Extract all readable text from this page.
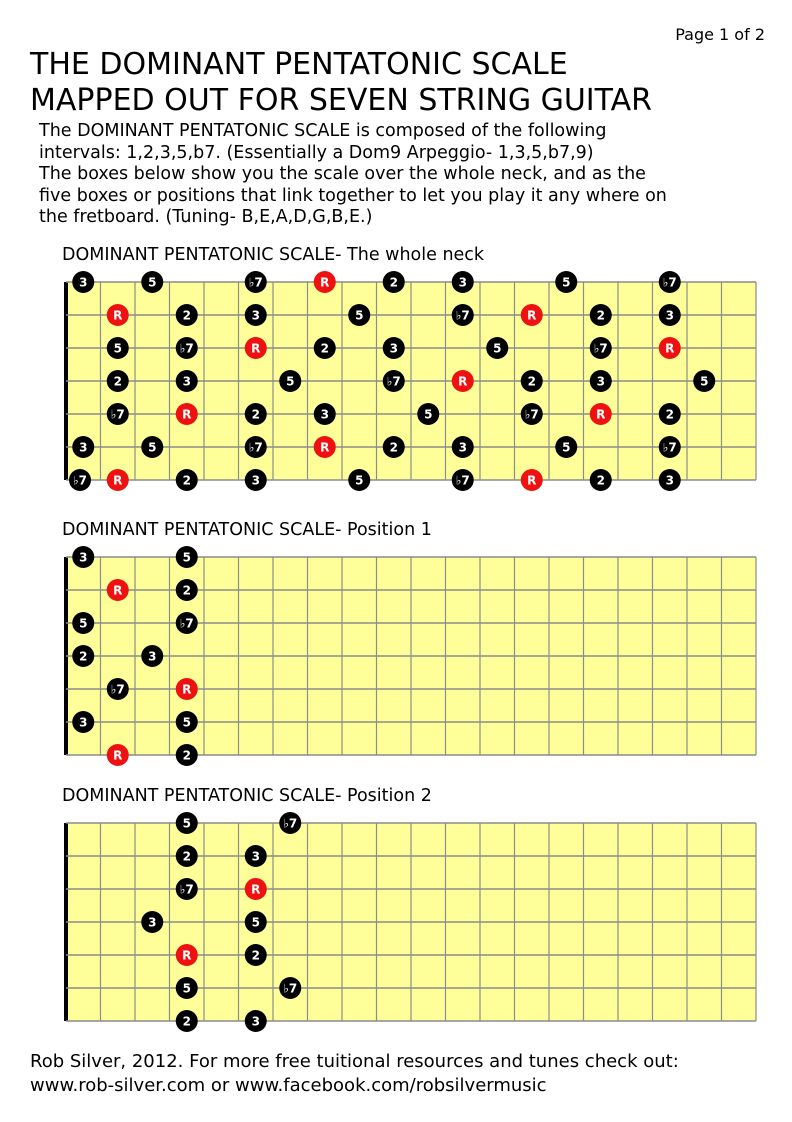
Page 1 of 2
THE DOMINANT PENTATONIC SCALE
MAPPED OUT FOR SEVEN STRING GUITAR

The DOMINANT PENTATONIC SCALE is composed of the following

intervals: 1,2,3,5,b7. (Essentially a Dom9 Arpeggio- 1,3,5,b7,9)

The boxes below show you the scale over the whole neck, and as the

five boxes or positions that link together to let you play it any where on

the fretboard. (Tuning- B,E,A,D,G,B,E.)

DOMINANT PENTATONIC SCALE- The whole neck
3	5	♭7	R	2	3	5	♭7
R	2	3	5	♭7	R	2	3
5	♭7	R	2	3	5	♭7	R
2	3	5	♭7	R	2	3	5
♭7	R	2	3	5	♭7	R	2
3	5	♭7	R	2	3	5	♭7
♭7 R	2	3	5	♭7	R	2	3
DOMINANT PENTATONIC SCALE- Position 1
3	5
R	2
5	♭7
2	3
♭7	R
3	5
R	2
DOMINANT PENTATONIC SCALE- Position 2
5	♭7
2	3
♭7	R
3	5
R	2
5	♭7
2	3

Rob Silver, 2012. For more free tuitional resources and tunes check out:

www.rob-silver.com or www.facebook.com/robsilvermusic
